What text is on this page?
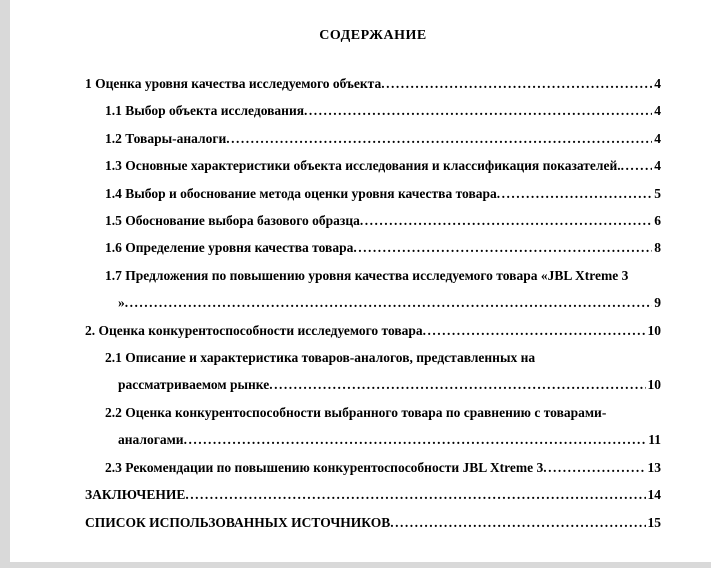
СОДЕРЖАНИЕ
1 Оценка уровня качества исследуемого объекта .....	4
1.1 Выбор объекта исследования .....	4
1.2 Товары-аналоги .....	4
1.3 Основные характеристики объекта исследования и классификация показателей. ..... 4
1.4 Выбор и обоснование метода оценки уровня качества товара .....	5
1.5 Обоснование выбора базового образца .....	6
1.6 Определение уровня качества товара .....	8
1.7 Предложения по повышению уровня качества исследуемого товара «JBL Xtreme 3
» .....	9
2. Оценка конкурентоспособности исследуемого товара .....	10
2.1 Описание и характеристика товаров-аналогов, представленных на
рассматриваемом рынке .....	10
2.2 Оценка конкурентоспособности выбранного товара по сравнению с товарами-
аналогами .....	11
2.3 Рекомендации по повышению конкурентоспособности JBL Xtreme 3 .....	13
ЗАКЛЮЧЕНИЕ .....	14
СПИСОК ИСПОЛЬЗОВАННЫХ ИСТОЧНИКОВ .....	15
